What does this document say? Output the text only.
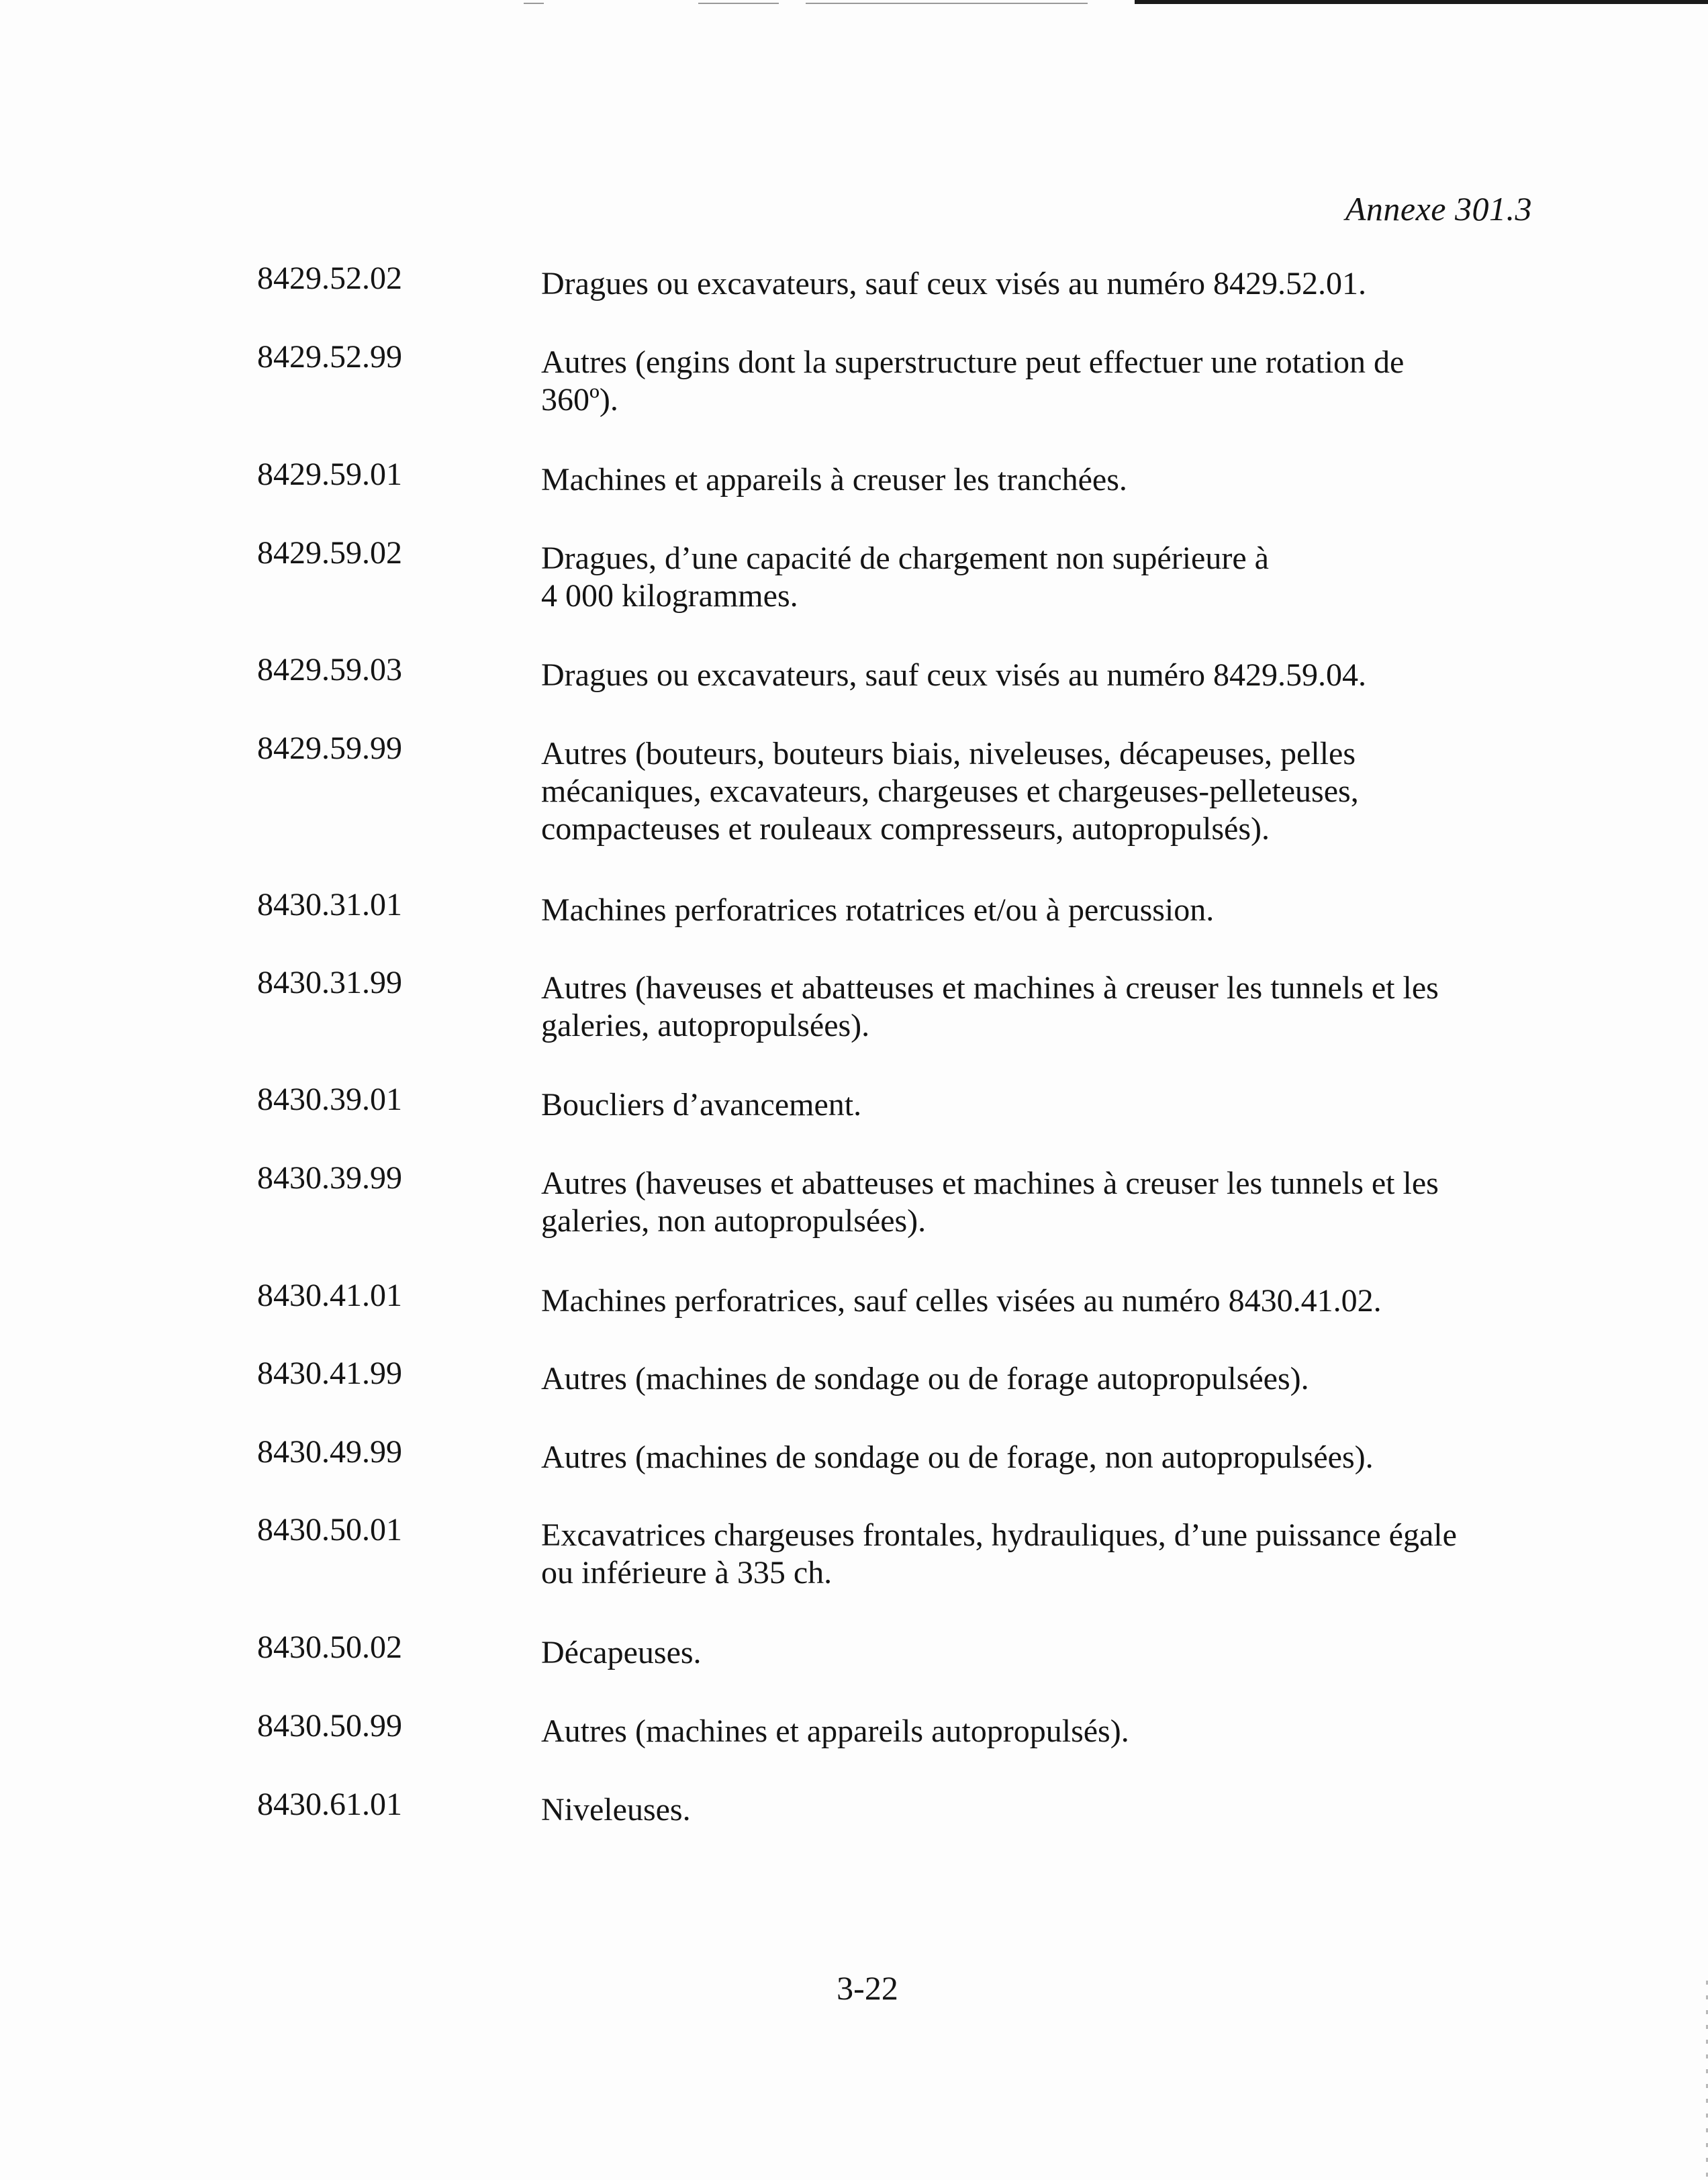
Annexe 301.3
8429.52.02	Dragues ou excavateurs, sauf ceux visés au numéro 8429.52.01.
8429.52.99	Autres (engins dont la superstructure peut effectuer une rotation de
360º).
8429.59.01	Machines et appareils à creuser les tranchées.
8429.59.02	Dragues, d’une capacité de chargement non supérieure à
4 000 kilogrammes.
8429.59.03	Dragues ou excavateurs, sauf ceux visés au numéro 8429.59.04.
8429.59.99	Autres (bouteurs, bouteurs biais, niveleuses, décapeuses, pelles
mécaniques, excavateurs, chargeuses et chargeuses-pelleteuses,
compacteuses et rouleaux compresseurs, autopropulsés).
8430.31.01	Machines perforatrices rotatrices et/ou à percussion.
8430.31.99	Autres (haveuses et abatteuses et machines à creuser les tunnels et les
galeries, autopropulsées).
8430.39.01	Boucliers d’avancement.
8430.39.99	Autres (haveuses et abatteuses et machines à creuser les tunnels et les
galeries, non autopropulsées).
8430.41.01	Machines perforatrices, sauf celles visées au numéro 8430.41.02.
8430.41.99	Autres (machines de sondage ou de forage autopropulsées).
8430.49.99	Autres (machines de sondage ou de forage, non autopropulsées).
8430.50.01	Excavatrices chargeuses frontales, hydrauliques, d’une puissance égale
ou inférieure à 335 ch.
8430.50.02	Décapeuses.
8430.50.99	Autres (machines et appareils autopropulsés).
8430.61.01	Niveleuses.
3-22
